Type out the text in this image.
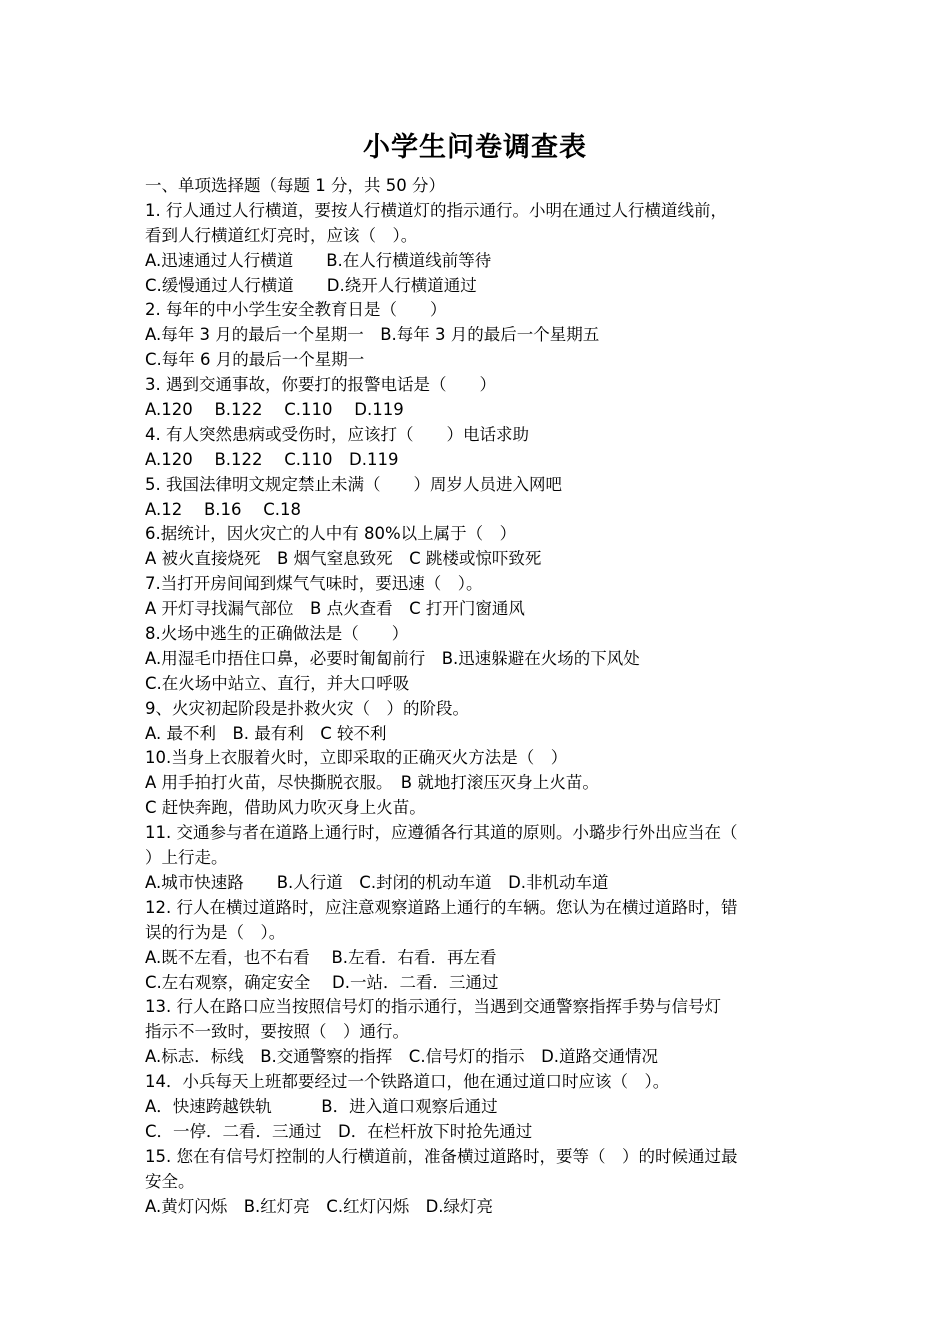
小学生问卷调查表
一、单项选择题（每题 1 分，共 50 分）
1. 行人通过人行横道，要按人行横道灯的指示通行。小明在通过人行横道线前，
看到人行横道红灯亮时，应该（　）。
A.迅速通过人行横道　　B.在人行横道线前等待
C.缓慢通过人行横道　　D.绕开人行横道通过
2. 每年的中小学生安全教育日是（　　）
A.每年 3 月的最后一个星期一　B.每年 3 月的最后一个星期五
C.每年 6 月的最后一个星期一
3. 遇到交通事故，你要打的报警电话是（　　）
A.120　 B.122　 C.110　 D.119
4. 有人突然患病或受伤时，应该打（　　）电话求助
A.120　 B.122　 C.110　D.119
5. 我国法律明文规定禁止未满（　　）周岁人员进入网吧
A.12　 B.16　 C.18
6.据统计，因火灾亡的人中有 80%以上属于（　）
A 被火直接烧死　B 烟气窒息致死　C 跳楼或惊吓致死
7.当打开房间闻到煤气气味时，要迅速（　）。
A 开灯寻找漏气部位　B 点火查看　C 打开门窗通风
8.火场中逃生的正确做法是（　　）
A.用湿毛巾捂住口鼻，必要时匍匐前行　B.迅速躲避在火场的下风处
C.在火场中站立、直行，并大口呼吸
9、火灾初起阶段是扑救火灾（　）的阶段。
A. 最不利　B. 最有利　C 较不利
10.当身上衣服着火时，立即采取的正确灭火方法是（　）
A 用手拍打火苗，尽快撕脱衣服。　B 就地打滚压灭身上火苗。
C 赶快奔跑，借助风力吹灭身上火苗。
11. 交通参与者在道路上通行时，应遵循各行其道的原则。小璐步行外出应当在（
）上行走。
A.城市快速路　　B.人行道　C.封闭的机动车道　D.非机动车道
12. 行人在横过道路时，应注意观察道路上通行的车辆。您认为在横过道路时，错
误的行为是（　）。
A.既不左看，也不右看　 B.左看．右看．再左看
C.左右观察，确定安全　 D.一站．二看．三通过
13. 行人在路口应当按照信号灯的指示通行，当遇到交通警察指挥手势与信号灯
指示不一致时，要按照（　）通行。
A.标志．标线　B.交通警察的指挥　C.信号灯的指示　D.道路交通情况
14．小兵每天上班都要经过一个铁路道口，他在通过道口时应该（　）。
A．快速跨越铁轨　　　B．进入道口观察后通过
C．一停．二看．三通过　D．在栏杆放下时抢先通过
15. 您在有信号灯控制的人行横道前，准备横过道路时，要等（　）的时候通过最
安全。
A.黄灯闪烁　B.红灯亮　C.红灯闪烁　D.绿灯亮
